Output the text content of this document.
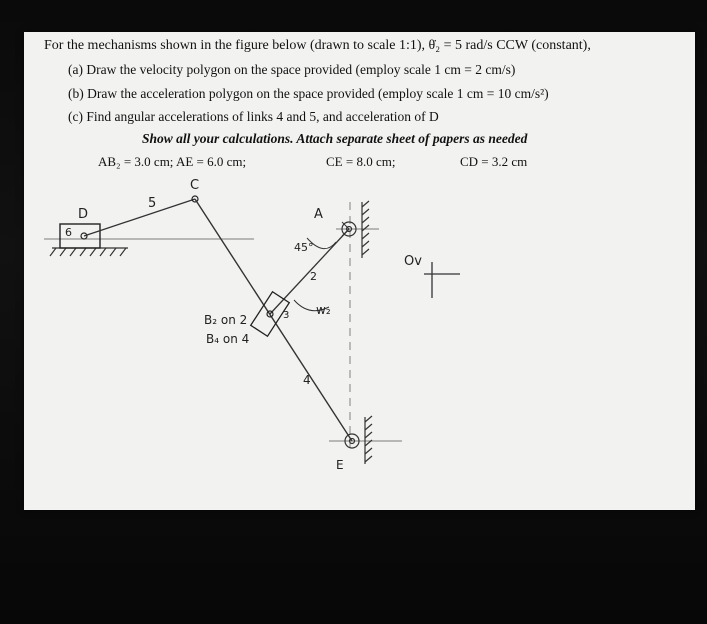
For the mechanisms shown in the figure below (drawn to scale 1:1), θ̇₂ = 5 rad/s CCW (constant),
(a) Draw the velocity polygon on the space provided (employ scale 1 cm = 2 cm/s)
(b) Draw the acceleration polygon on the space provided (employ scale 1 cm = 10 cm/s²)
(c) Find angular accelerations of links 4 and 5, and acceleration of D
Show all your calculations. Attach separate sheet of papers as needed
AB₂ = 3.0 cm; AE = 6.0 cm;	CE = 8.0 cm;	CD = 3.2 cm
C
D
5
6
A
45°
2
3 w₂
B₂ on 2
B₄ on 4
4
E
Ov
